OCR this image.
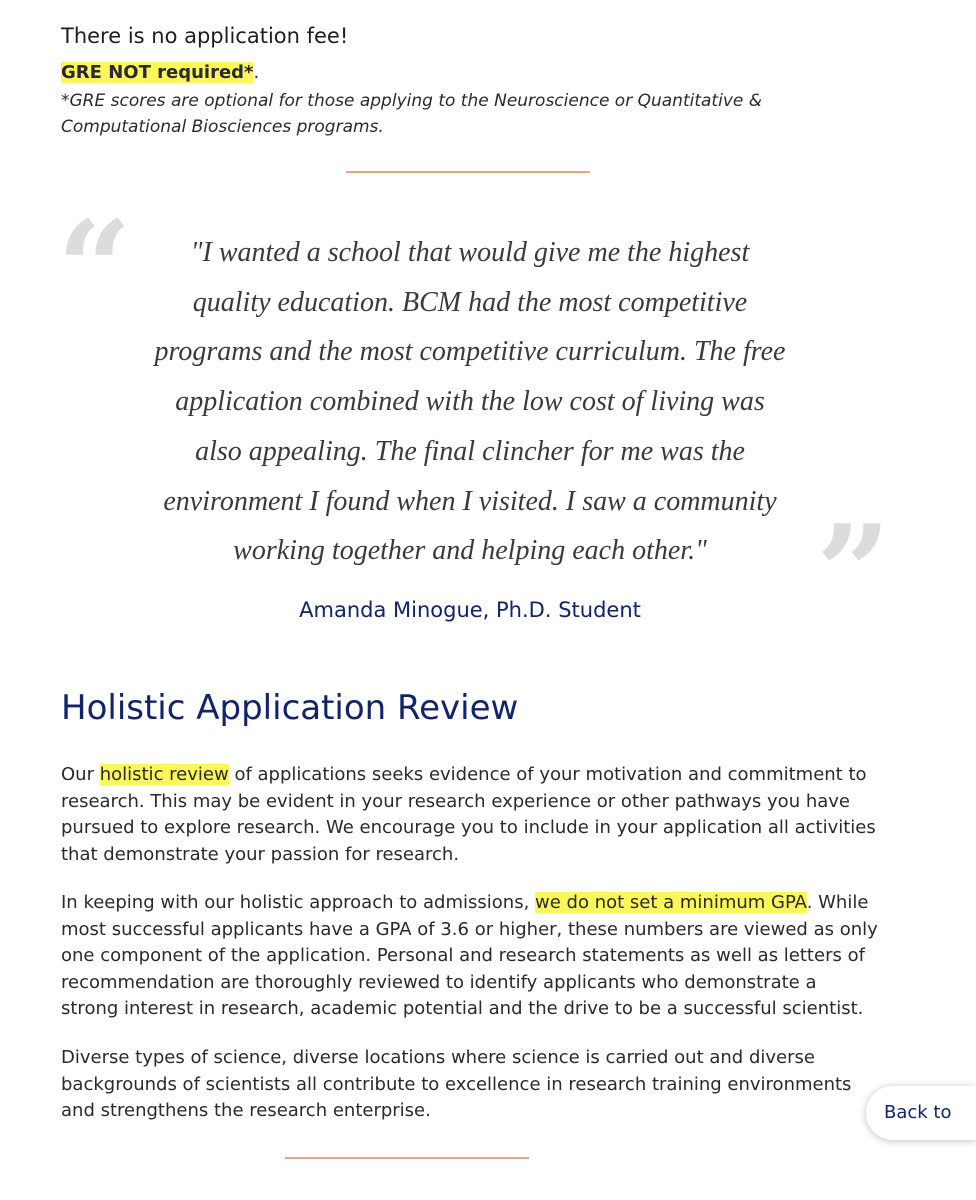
There is no application fee!

GRE NOT required*.

*GRE scores are optional for those applying to the Neuroscience or Quantitative & Computational Biosciences programs.

“	"I wanted a school that would give me the highest quality education. BCM had the most competitive programs and the most competitive curriculum. The free application combined with the low cost of living was also appealing. The final clincher for me was the environment I found when I visited. I saw a community working together and helping each other." ”

Amanda Minogue, Ph.D. Student

Holistic Application Review

Our holistic review of applications seeks evidence of your motivation and commitment to research. This may be evident in your research experience or other pathways you have pursued to explore research. We encourage you to include in your application all activities that demonstrate your passion for research.

In keeping with our holistic approach to admissions, we do not set a minimum GPA. While most successful applicants have a GPA of 3.6 or higher, these numbers are viewed as only one component of the application. Personal and research statements as well as letters of recommendation are thoroughly reviewed to identify applicants who demonstrate a strong interest in research, academic potential and the drive to be a successful scientist.

Diverse types of science, diverse locations where science is carried out and diverse backgrounds of scientists all contribute to excellence in research training environments and strengthens the research enterprise.	Back to
